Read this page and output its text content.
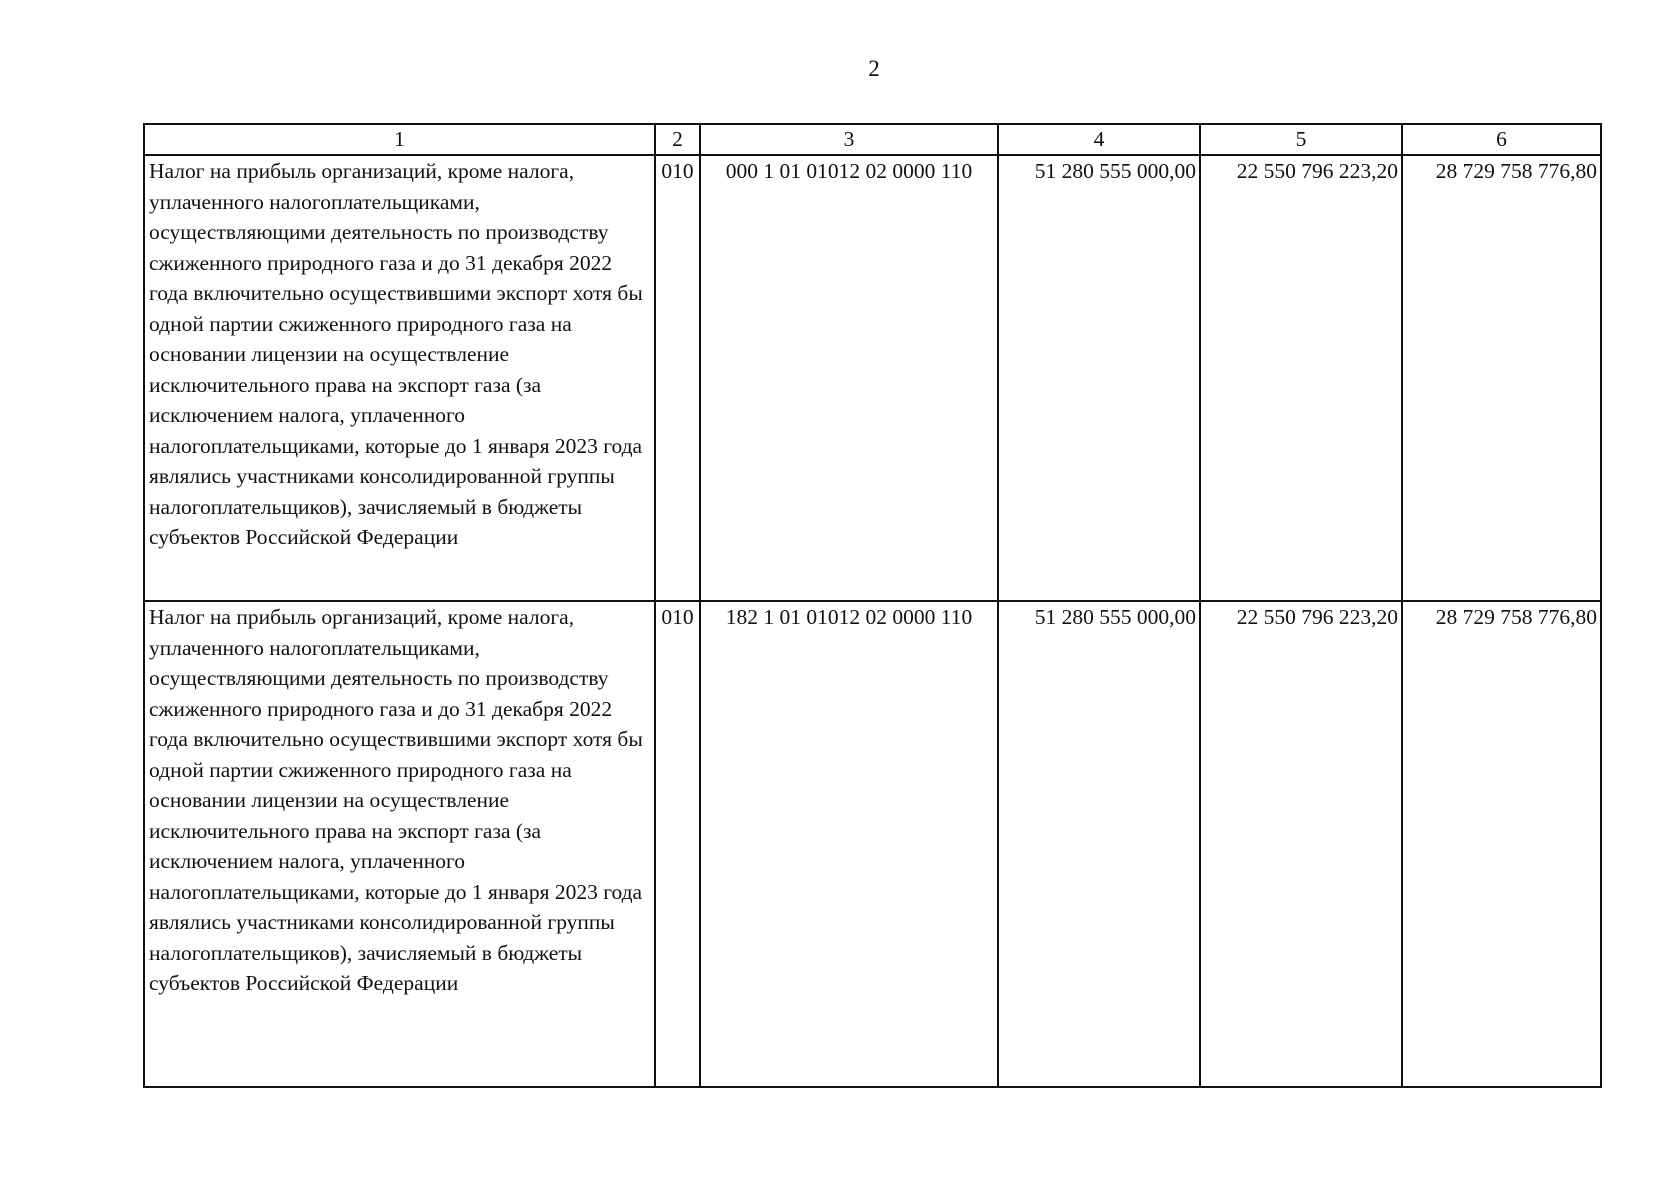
2
1	2	3	4	5	6
Налог на прибыль организаций, кроме налога, уплаченного налогоплательщиками, осуществляющими деятельность по производству сжиженного природного газа и до 31 декабря 2022 года включительно осуществившими экспорт хотя бы одной партии сжиженного природного газа на основании лицензии на осуществление исключительного права на экспорт газа (за исключением налога, уплаченного налогоплательщиками, которые до 1 января 2023 года являлись участниками консолидированной группы налогоплательщиков), зачисляемый в бюджеты субъектов Российской Федерации	010	000 1 01 01012 02 0000 110	51 280 555 000,00	22 550 796 223,20	28 729 758 776,80
Налог на прибыль организаций, кроме налога, уплаченного налогоплательщиками, осуществляющими деятельность по производству сжиженного природного газа и до 31 декабря 2022 года включительно осуществившими экспорт хотя бы одной партии сжиженного природного газа на основании лицензии на осуществление исключительного права на экспорт газа (за исключением налога, уплаченного налогоплательщиками, которые до 1 января 2023 года являлись участниками консолидированной группы налогоплательщиков), зачисляемый в бюджеты субъектов Российской Федерации	010	182 1 01 01012 02 0000 110	51 280 555 000,00	22 550 796 223,20	28 729 758 776,80
